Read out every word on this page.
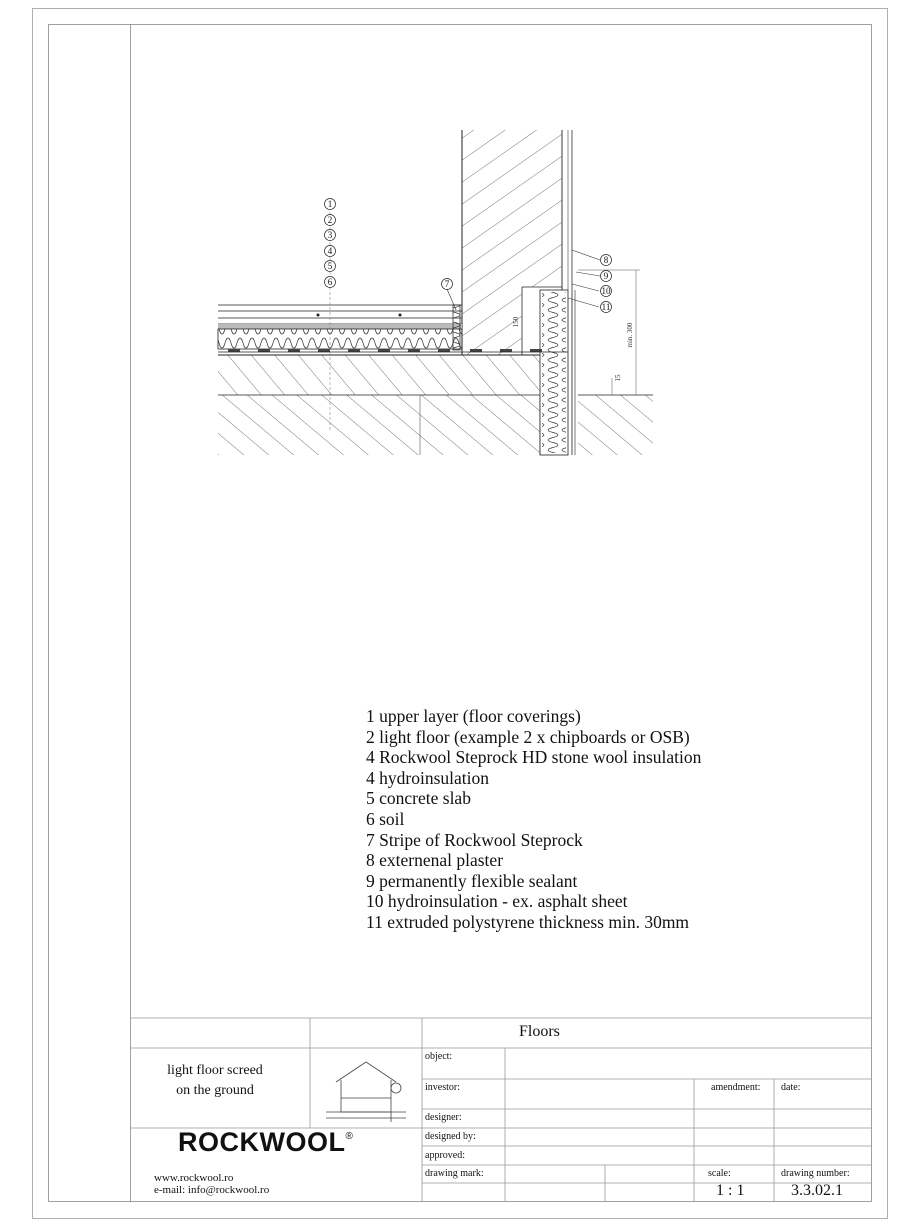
1
2
3
4
5
6	7
8
9
10
11
150
min. 300
15
1 upper layer (floor coverings)
2 light floor (example 2 x chipboards or OSB)
4 Rockwool Steprock HD stone wool insulation
4 hydroinsulation
5 concrete slab
6 soil
7 Stripe of Rockwool Steprock
8 externenal plaster
9 permanently flexible sealant
10 hydroinsulation - ex. asphalt sheet
11 extruded polystyrene thickness min. 30mm
Floors
light floor screed
on the ground
object:
investor:	amendment: date:
designer:
designed by:
approved:
drawing mark:	scale:	drawing number:
1 : 1	3.3.02.1
ROCKWOOL®
www.rockwool.ro
e-mail: info@rockwool.ro
